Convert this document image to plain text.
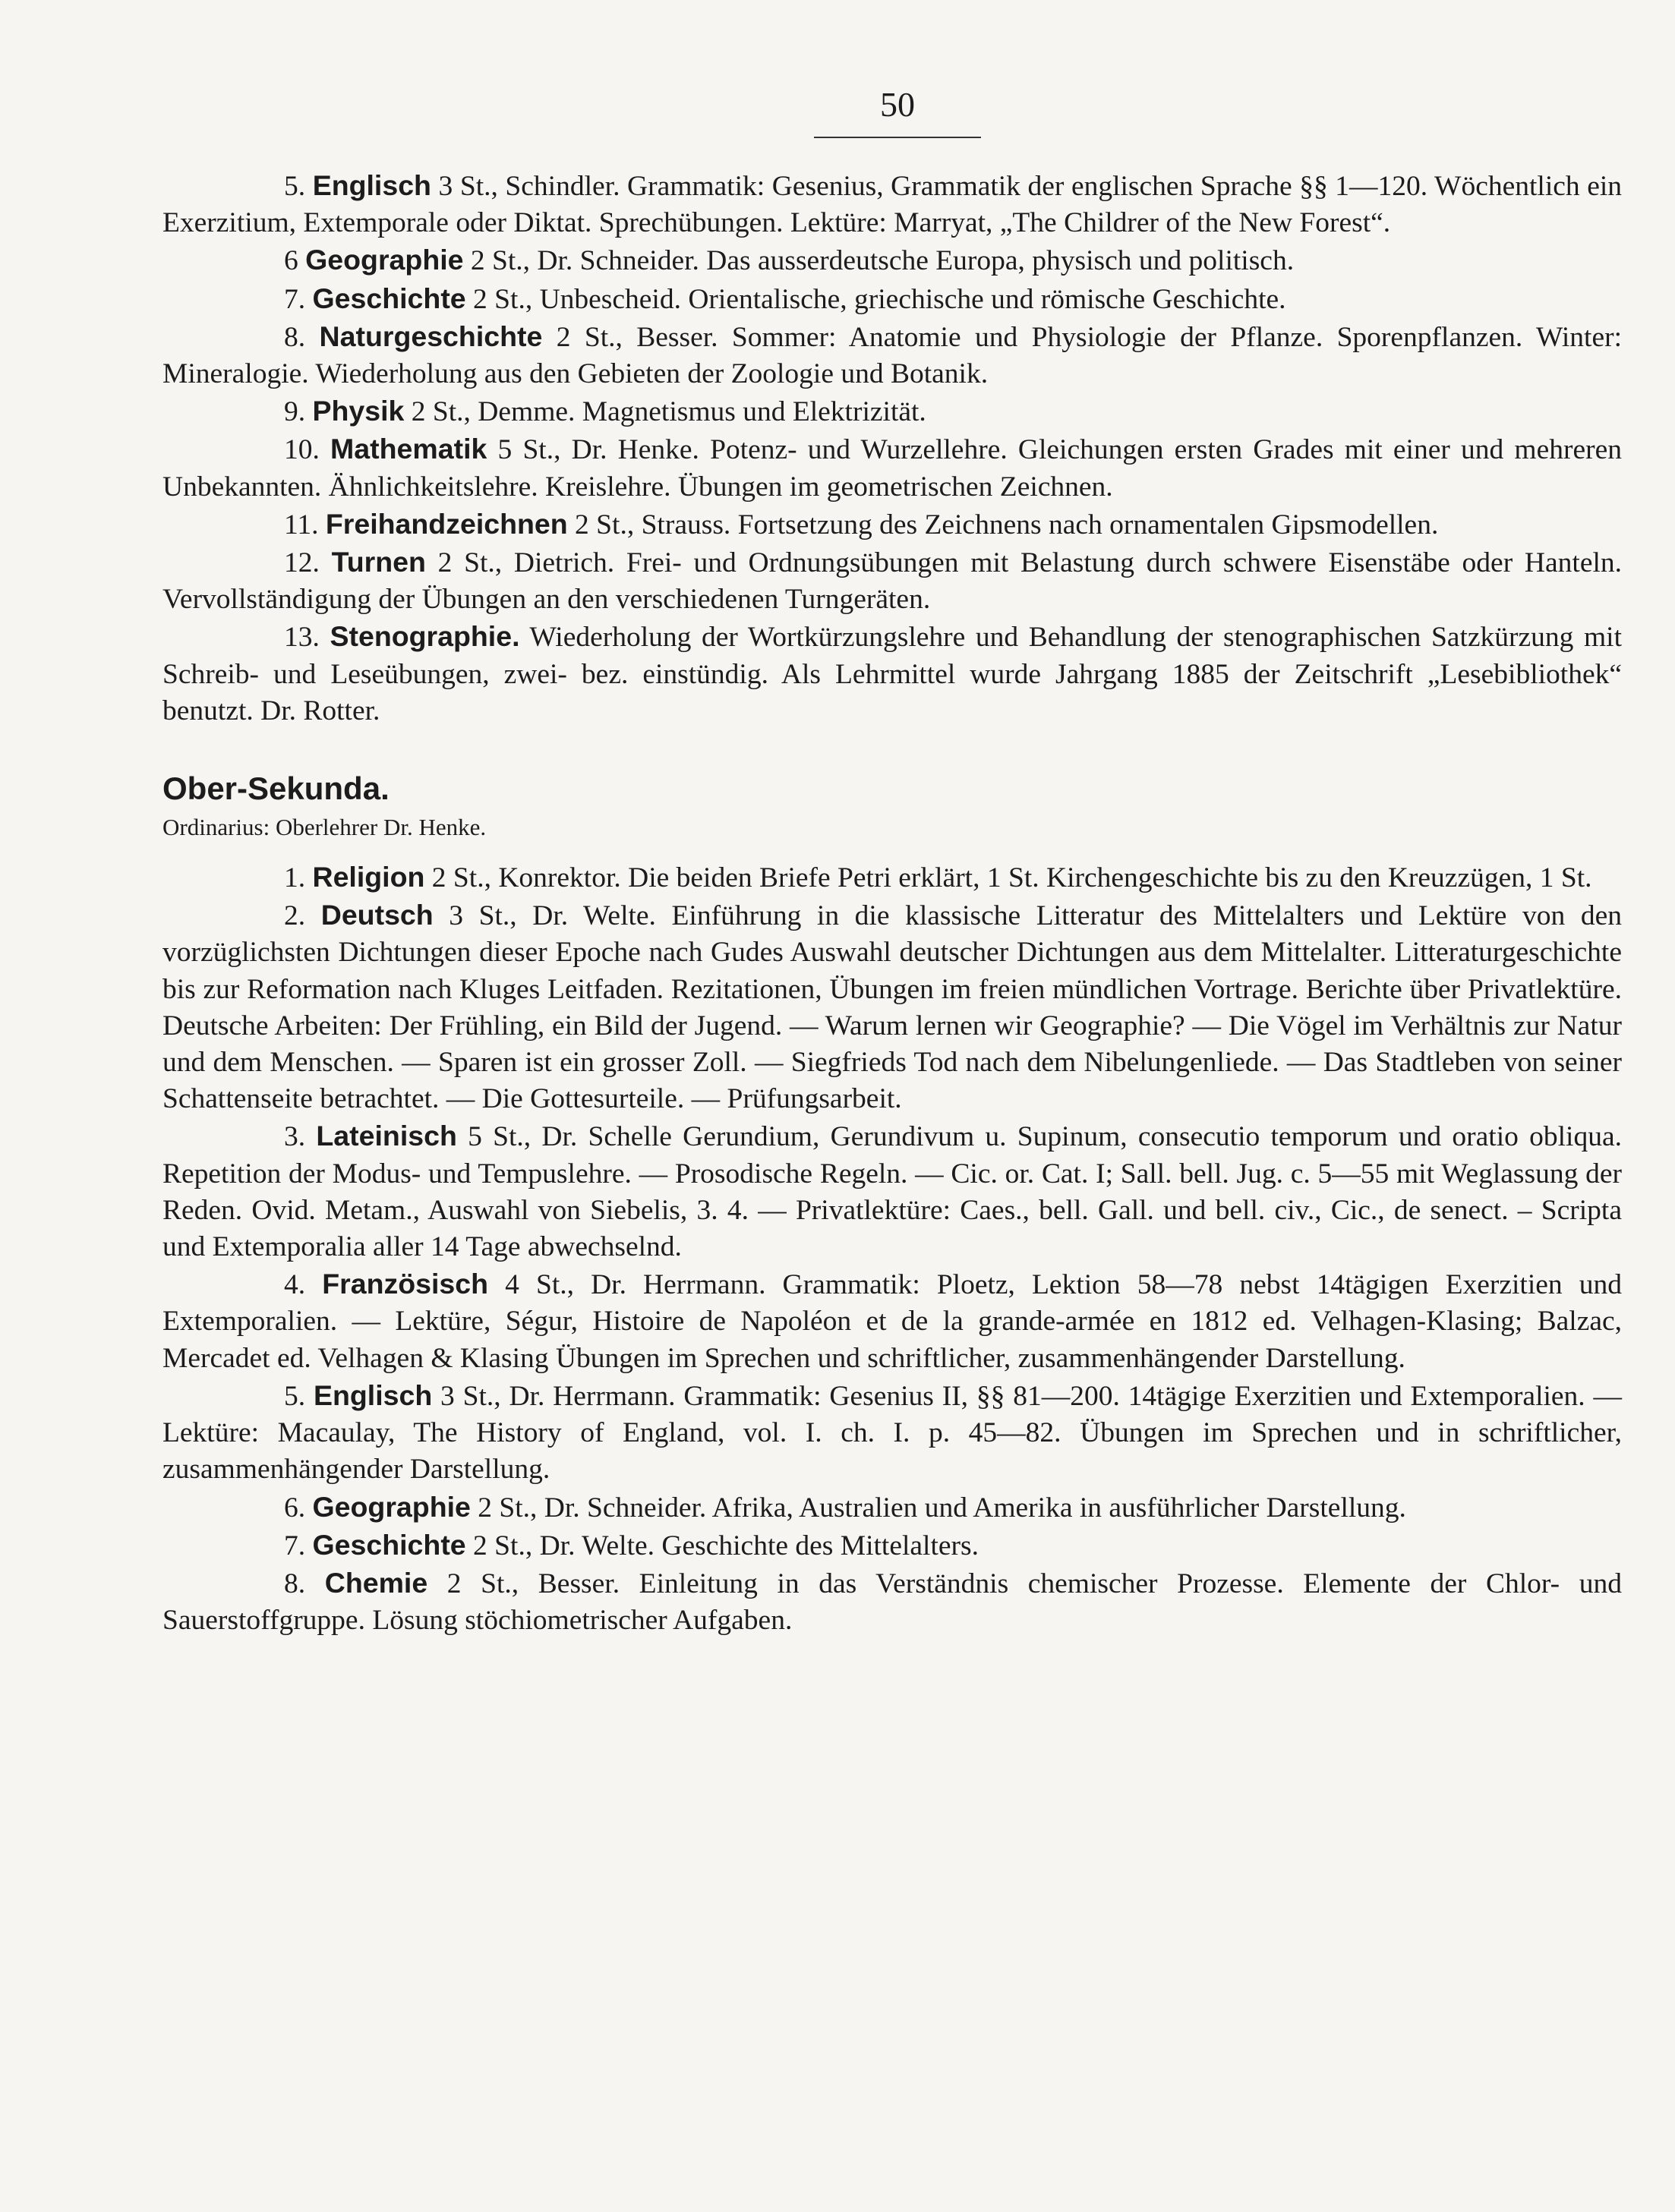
50

5. Englisch 3 St., Schindler. Grammatik: Gesenius, Grammatik der englischen Sprache §§ 1—120. Wöchentlich ein Exerzitium, Extemporale oder Diktat. Sprechübungen. Lektüre: Marryat, „The Childrer of the New Forest“.

6 Geographie 2 St., Dr. Schneider. Das ausserdeutsche Europa, physisch und politisch.

7. Geschichte 2 St., Unbescheid. Orientalische, griechische und römische Geschichte.

8. Naturgeschichte 2 St., Besser. Sommer: Anatomie und Physiologie der Pflanze. Sporenpflanzen. Winter: Mineralogie. Wiederholung aus den Gebieten der Zoologie und Botanik.

9. Physik 2 St., Demme. Magnetismus und Elektrizität.

10. Mathematik 5 St., Dr. Henke. Potenz- und Wurzellehre. Gleichungen ersten Grades mit einer und mehreren Unbekannten. Ähnlichkeitslehre. Kreislehre. Übungen im geometrischen Zeichnen.

11. Freihandzeichnen 2 St., Strauss. Fortsetzung des Zeichnens nach ornamentalen Gipsmodellen.

12. Turnen 2 St., Dietrich. Frei- und Ordnungsübungen mit Belastung durch schwere Eisenstäbe oder Hanteln. Vervollständigung der Übungen an den verschiedenen Turngeräten.

13. Stenographie. Wiederholung der Wortkürzungslehre und Behandlung der stenographischen Satzkürzung mit Schreib- und Leseübungen, zwei- bez. einstündig. Als Lehrmittel wurde Jahrgang 1885 der Zeitschrift „Lesebibliothek“ benutzt. Dr. Rotter.

Ober-Sekunda.

Ordinarius: Oberlehrer Dr. Henke.

1. Religion 2 St., Konrektor. Die beiden Briefe Petri erklärt, 1 St. Kirchengeschichte bis zu den Kreuzzügen, 1 St.

2. Deutsch 3 St., Dr. Welte. Einführung in die klassische Litteratur des Mittelalters und Lektüre von den vorzüglichsten Dichtungen dieser Epoche nach Gudes Auswahl deutscher Dichtungen aus dem Mittelalter. Litteraturgeschichte bis zur Reformation nach Kluges Leitfaden. Rezitationen, Übungen im freien mündlichen Vortrage. Berichte über Privatlektüre. Deutsche Arbeiten: Der Frühling, ein Bild der Jugend. — Warum lernen wir Geographie? — Die Vögel im Verhältnis zur Natur und dem Menschen. — Sparen ist ein grosser Zoll. — Siegfrieds Tod nach dem Nibelungenliede. — Das Stadtleben von seiner Schattenseite betrachtet. — Die Gottesurteile. — Prüfungsarbeit.

3. Lateinisch 5 St., Dr. Schelle Gerundium, Gerundivum u. Supinum, consecutio temporum und oratio obliqua. Repetition der Modus- und Tempuslehre. — Prosodische Regeln. — Cic. or. Cat. I; Sall. bell. Jug. c. 5—55 mit Weglassung der Reden. Ovid. Metam., Auswahl von Siebelis, 3. 4. — Privatlektüre: Caes., bell. Gall. und bell. civ., Cic., de senect. – Scripta und Extemporalia aller 14 Tage abwechselnd.

4. Französisch 4 St., Dr. Herrmann. Grammatik: Ploetz, Lektion 58—78 nebst 14tägigen Exerzitien und Extemporalien. — Lektüre, Ségur, Histoire de Napoléon et de la grande-armée en 1812 ed. Velhagen-Klasing; Balzac, Mercadet ed. Velhagen & Klasing Übungen im Sprechen und schriftlicher, zusammenhängender Darstellung.

5. Englisch 3 St., Dr. Herrmann. Grammatik: Gesenius II, §§ 81—200. 14tägige Exerzitien und Extemporalien. — Lektüre: Macaulay, The History of England, vol. I. ch. I. p. 45—82. Übungen im Sprechen und in schriftlicher, zusammenhängender Darstellung.

6. Geographie 2 St., Dr. Schneider. Afrika, Australien und Amerika in ausführlicher Darstellung.

7. Geschichte 2 St., Dr. Welte. Geschichte des Mittelalters.

8. Chemie 2 St., Besser. Einleitung in das Verständnis chemischer Prozesse. Elemente der Chlor- und Sauerstoffgruppe. Lösung stöchiometrischer Aufgaben.
